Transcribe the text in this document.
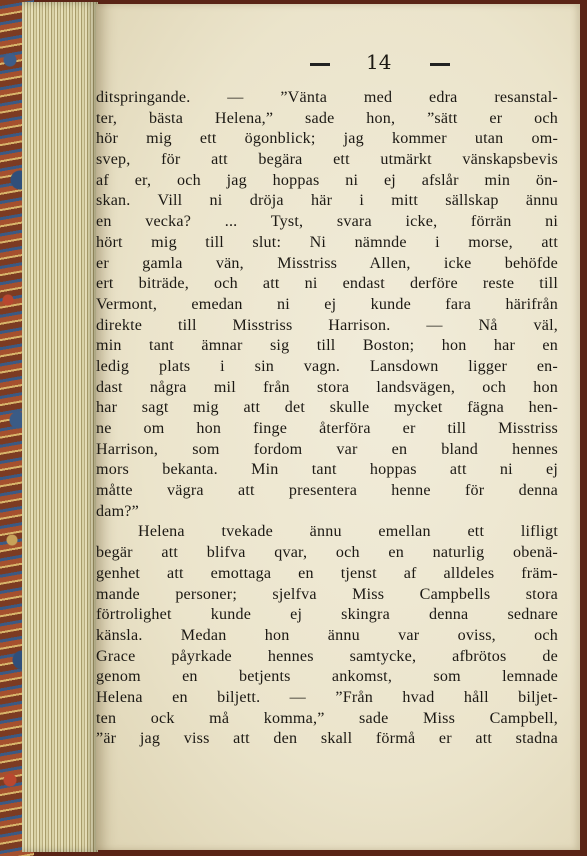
14
ditspringande. — ”Vänta med edra resanstal-
ter, bästa Helena,” sade hon, ”sätt er och
hör mig ett ögonblick; jag kommer utan om-
svep, för att begära ett utmärkt vänskapsbevis
af er, och jag hoppas ni ej afslår min ön-
skan. Vill ni dröja här i mitt sällskap ännu
en vecka? ... Tyst, svara icke, förrän ni
hört mig till slut: Ni nämnde i morse, att
er gamla vän, Misstriss Allen, icke behöfde
ert biträde, och att ni endast derföre reste till
Vermont, emedan ni ej kunde fara härifrån
direkte till Misstriss Harrison. — Nå väl,
min tant ämnar sig till Boston; hon har en
ledig plats i sin vagn. Lansdown ligger en-
dast några mil från stora landsvägen, och hon
har sagt mig att det skulle mycket fägna hen-
ne om hon finge återföra er till Misstriss
Harrison, som fordom var en bland hennes
mors bekanta. Min tant hoppas att ni ej
måtte vägra att presentera henne för denna
dam?”
Helena tvekade ännu emellan ett lifligt
begär att blifva qvar, och en naturlig obenä-
genhet att emottaga en tjenst af alldeles främ-
mande personer; sjelfva Miss Campbells stora
förtrolighet kunde ej skingra denna sednare
känsla. Medan hon ännu var oviss, och
Grace påyrkade hennes samtycke, afbrötos de
genom en betjents ankomst, som lemnade
Helena en biljett. — ”Från hvad håll biljet-
ten ock må komma,” sade Miss Campbell,
”är jag viss att den skall förmå er att stadna
